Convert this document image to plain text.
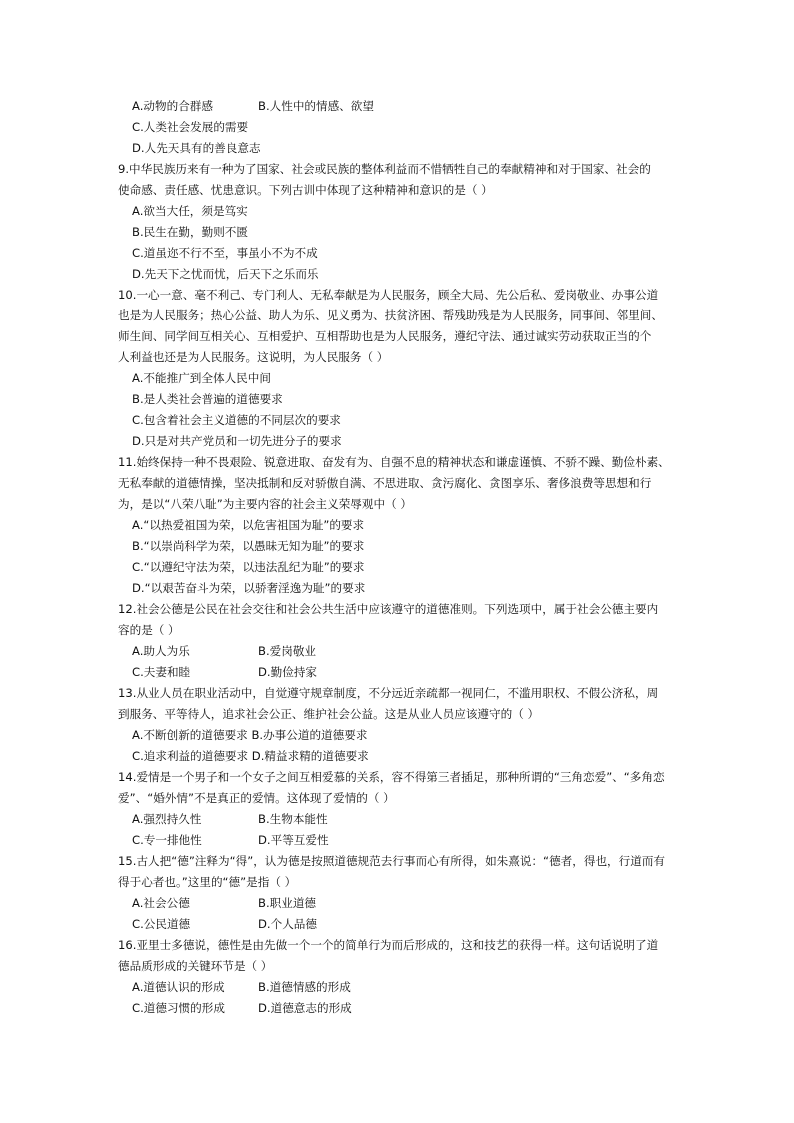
A.动物的合群感	B.人性中的情感、欲望
C.人类社会发展的需要
D.人先天具有的善良意志
9.中华民族历来有一种为了国家、社会或民族的整体利益而不惜牺牲自己的奉献精神和对于国家、社会的
使命感、责任感、忧患意识。下列古训中体现了这种精神和意识的是（ ）
A.欲当大任，须是笃实
B.民生在勤，勤则不匮
C.道虽迩不行不至，事虽小不为不成
D.先天下之忧而忧，后天下之乐而乐
10.一心一意、毫不利己、专门利人、无私奉献是为人民服务，顾全大局、先公后私、爱岗敬业、办事公道
也是为人民服务；热心公益、助人为乐、见义勇为、扶贫济困、帮残助残是为人民服务，同事间、邻里间、
师生间、同学间互相关心、互相爱护、互相帮助也是为人民服务，遵纪守法、通过诚实劳动获取正当的个
人利益也还是为人民服务。这说明，为人民服务（ ）
A.不能推广到全体人民中间
B.是人类社会普遍的道德要求
C.包含着社会主义道德的不同层次的要求
D.只是对共产党员和一切先进分子的要求
11.始终保持一种不畏艰险、锐意进取、奋发有为、自强不息的精神状态和谦虚谨慎、不骄不躁、勤俭朴素、
无私奉献的道德情操，坚决抵制和反对骄傲自满、不思进取、贪污腐化、贪图享乐、奢侈浪费等思想和行
为，是以“八荣八耻”为主要内容的社会主义荣辱观中（ ）
A.“以热爱祖国为荣，以危害祖国为耻”的要求
B.“以崇尚科学为荣，以愚昧无知为耻”的要求
C.“以遵纪守法为荣，以违法乱纪为耻”的要求
D.“以艰苦奋斗为荣，以骄奢淫逸为耻”的要求
12.社会公德是公民在社会交往和社会公共生活中应该遵守的道德准则。下列选项中，属于社会公德主要内
容的是（ ）
A.助人为乐	B.爱岗敬业
C.夫妻和睦	D.勤俭持家
13.从业人员在职业活动中，自觉遵守规章制度，不分远近亲疏都一视同仁，不滥用职权、不假公济私，周
到服务、平等待人，追求社会公正、维护社会公益。这是从业人员应该遵守的（ ）
A.不断创新的道德要求 B.办事公道的道德要求
C.追求利益的道德要求 D.精益求精的道德要求
14.爱情是一个男子和一个女子之间互相爱慕的关系，容不得第三者插足，那种所谓的“三角恋爱”、“多角恋
爱”、“婚外情”不是真正的爱情。这体现了爱情的（ ）
A.强烈持久性	B.生物本能性
C.专一排他性	D.平等互爱性
15.古人把“德”注释为“得”，认为德是按照道德规范去行事而心有所得，如朱熹说：“德者，得也，行道而有
得于心者也。”这里的“德”是指（ ）
A.社会公德	B.职业道德
C.公民道德	D.个人品德
16.亚里士多德说，德性是由先做一个一个的简单行为而后形成的，这和技艺的获得一样。这句话说明了道
德品质形成的关键环节是（ ）
A.道德认识的形成	B.道德情感的形成
C.道德习惯的形成	D.道德意志的形成
